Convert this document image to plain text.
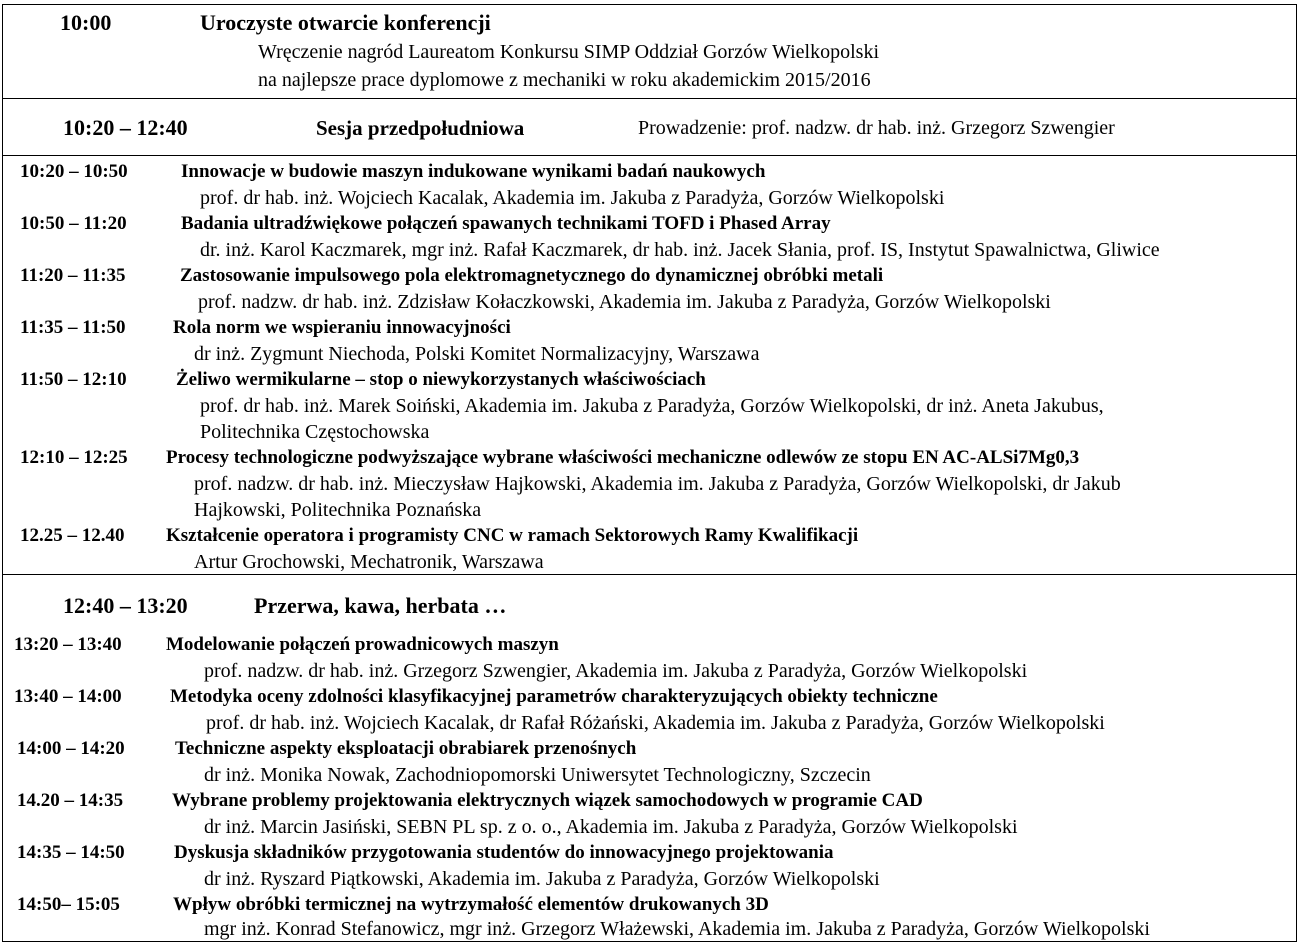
10:00	Uroczyste otwarcie konferencji
Wręczenie nagród Laureatom Konkursu SIMP Oddział Gorzów Wielkopolski
na najlepsze prace dyplomowe z mechaniki w roku akademickim 2015/2016
10:20 – 12:40	Sesja przedpołudniowa	Prowadzenie: prof. nadzw. dr hab. inż. Grzegorz Szwengier
10:20 – 10:50	Innowacje w budowie maszyn indukowane wynikami badań naukowych
prof. dr hab. inż. Wojciech Kacalak, Akademia im. Jakuba z Paradyża, Gorzów Wielkopolski
10:50 – 11:20	Badania ultradźwiękowe połączeń spawanych technikami TOFD i Phased Array
dr. inż. Karol Kaczmarek, mgr inż. Rafał Kaczmarek, dr hab. inż. Jacek Słania, prof. IS, Instytut Spawalnictwa, Gliwice
11:20 – 11:35	Zastosowanie impulsowego pola elektromagnetycznego do dynamicznej obróbki metali
prof. nadzw. dr hab. inż. Zdzisław Kołaczkowski, Akademia im. Jakuba z Paradyża, Gorzów Wielkopolski
11:35 – 11:50 Rola norm we wspieraniu innowacyjności
dr inż. Zygmunt Niechoda, Polski Komitet Normalizacyjny, Warszawa
11:50 – 12:10	Żeliwo wermikularne – stop o niewykorzystanych właściwościach
prof. dr hab. inż. Marek Soiński, Akademia im. Jakuba z Paradyża, Gorzów Wielkopolski, dr inż. Aneta Jakubus,
Politechnika Częstochowska
12:10 – 12:25 Procesy technologiczne podwyższające wybrane właściwości mechaniczne odlewów ze stopu EN AC-ALSi7Mg0,3
prof. nadzw. dr hab. inż. Mieczysław Hajkowski, Akademia im. Jakuba z Paradyża, Gorzów Wielkopolski, dr Jakub
Hajkowski, Politechnika Poznańska
12.25 – 12.40 Kształcenie operatora i programisty CNC w ramach Sektorowych Ramy Kwalifikacji
Artur Grochowski, Mechatronik, Warszawa
12:40 – 13:20	Przerwa, kawa, herbata …
13:20 – 13:40 Modelowanie połączeń prowadnicowych maszyn
prof. nadzw. dr hab. inż. Grzegorz Szwengier, Akademia im. Jakuba z Paradyża, Gorzów Wielkopolski
13:40 – 14:00	Metodyka oceny zdolności klasyfikacyjnej parametrów charakteryzujących obiekty techniczne
prof. dr hab. inż. Wojciech Kacalak, dr Rafał Różański, Akademia im. Jakuba z Paradyża, Gorzów Wielkopolski
14:00 – 14:20	Techniczne aspekty eksploatacji obrabiarek przenośnych
dr inż. Monika Nowak, Zachodniopomorski Uniwersytet Technologiczny, Szczecin
14.20 – 14:35	Wybrane problemy projektowania elektrycznych wiązek samochodowych w programie CAD
dr inż. Marcin Jasiński, SEBN PL sp. z o. o., Akademia im. Jakuba z Paradyża, Gorzów Wielkopolski
14:35 – 14:50	Dyskusja składników przygotowania studentów do innowacyjnego projektowania
dr inż. Ryszard Piątkowski, Akademia im. Jakuba z Paradyża, Gorzów Wielkopolski
14:50– 15:05	Wpływ obróbki termicznej na wytrzymałość elementów drukowanych 3D
mgr inż. Konrad Stefanowicz, mgr inż. Grzegorz Włażewski, Akademia im. Jakuba z Paradyża, Gorzów Wielkopolski
